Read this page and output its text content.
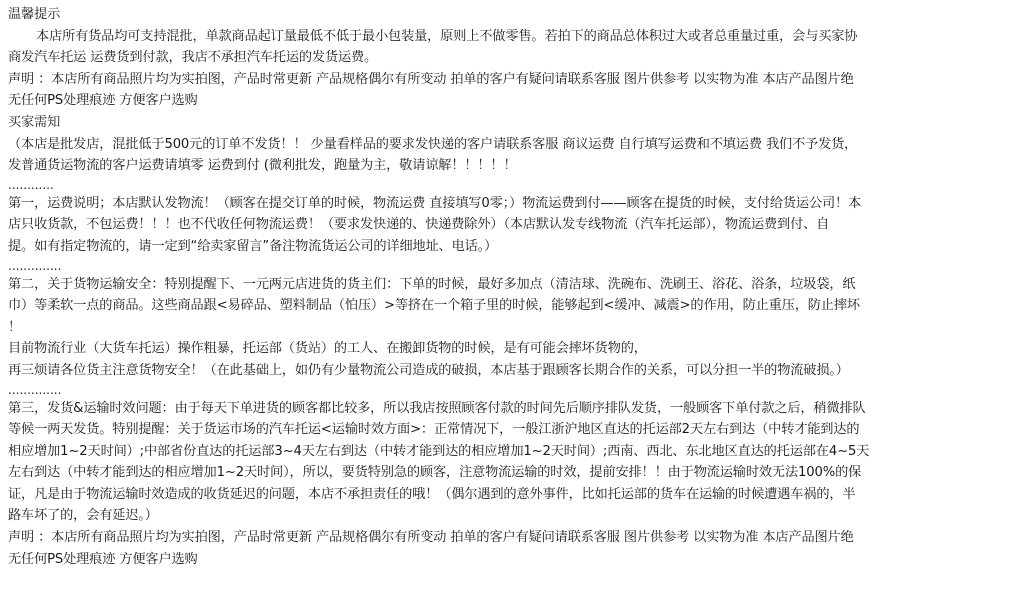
温馨提示
本店所有货品均可支持混批，单款商品起订量最低不低于最小包装量，原则上不做零售。若拍下的商品总体积过大或者总重量过重，会与买家协
商发汽车托运 运费货到付款，我店不承担汽车托运的发货运费。
声明 ：本店所有商品照片均为实拍图，产品时常更新 产品规格偶尔有所变动 拍单的客户有疑问请联系客服 图片供参考 以实物为准 本店产品图片绝
无任何PS处理痕迹 方便客户选购
买家需知
（本店是批发店，混批低于500元的订单不发货！！ 少量看样品的要求发快递的客户请联系客服 商议运费 自行填写运费和不填运费 我们不予发货，
发普通货运物流的客户运费请填零 运费到付 (微利批发，跑量为主，敬请谅解！！！！！
............
第一，运费说明；本店默认发物流！（顾客在提交订单的时候，物流运费 直接填写0零；）物流运费到付——顾客在提货的时候，支付给货运公司！本
店只收货款，不包运费！！！也不代收任何物流运费！（要求发快递的、快递费除外）（本店默认发专线物流（汽车托运部），物流运费到付、自
提。如有指定物流的，请一定到“给卖家留言”备注物流货运公司的详细地址、电话。）
..............
第二，关于货物运输安全：特别提醒下、一元两元店进货的货主们：下单的时候，最好多加点（清洁球、洗碗布、洗刷王、浴花、浴条，垃圾袋，纸
巾）等柔软一点的商品。这些商品跟<易碎品、塑料制品（怕压）>等挤在一个箱子里的时候，能够起到<缓冲、减震>的作用，防止重压，防止摔坏
！
目前物流行业（大货车托运）操作粗暴，托运部（货站）的工人、在搬卸货物的时候，是有可能会摔坏货物的，
再三烦请各位货主注意货物安全！（在此基础上，如仍有少量物流公司造成的破损，本店基于跟顾客长期合作的关系，可以分担一半的物流破损。）
..............
第三，发货&运输时效问题：由于每天下单进货的顾客都比较多，所以我店按照顾客付款的时间先后顺序排队发货，一般顾客下单付款之后，稍微排队
等候一两天发货。特别提醒：关于货运市场的汽车托运<运输时效方面>：正常情况下，一般江浙沪地区直达的托运部2天左右到达（中转才能到达的
相应增加1~2天时间）;中部省份直达的托运部3~4天左右到达（中转才能到达的相应增加1~2天时间）;西南、西北、东北地区直达的托运部在4~5天
左右到达（中转才能到达的相应增加1~2天时间），所以，要货特别急的顾客，注意物流运输的时效，提前安排！！由于物流运输时效无法100%的保
证，凡是由于物流运输时效造成的收货延迟的问题，本店不承担责任的哦！（偶尔遇到的意外事件，比如托运部的货车在运输的时候遭遇车祸的，半
路车坏了的，会有延迟。）
声明 ：本店所有商品照片均为实拍图，产品时常更新 产品规格偶尔有所变动 拍单的客户有疑问请联系客服 图片供参考 以实物为准 本店产品图片绝
无任何PS处理痕迹 方便客户选购
